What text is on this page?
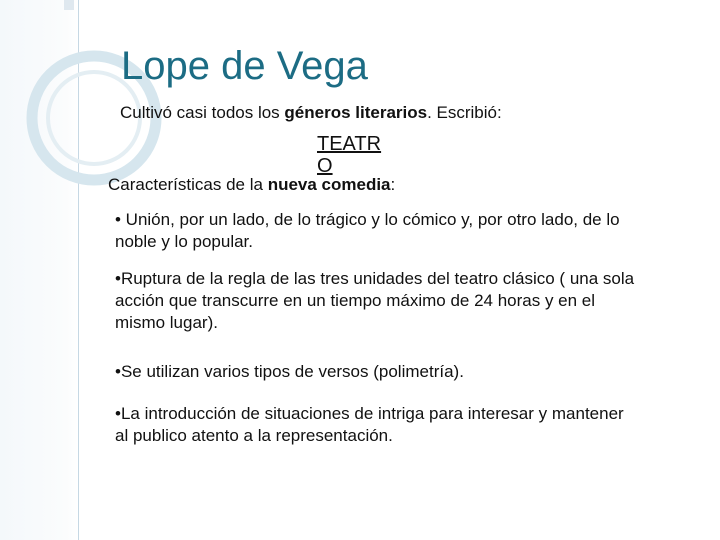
Lope de Vega
Cultivó casi todos los géneros literarios. Escribió:
TEATRO
Características de la nueva comedia:

• Unión, por un lado, de lo trágico y lo cómico y, por otro lado, de lo noble y lo popular.

•Ruptura de la regla de las tres unidades del teatro clásico ( una sola acción que transcurre en un tiempo máximo de 24 horas y en el mismo lugar).

•Se utilizan varios tipos de versos (polimetría).

•La introducción de situaciones de intriga para interesar y mantener al publico atento a la representación.
